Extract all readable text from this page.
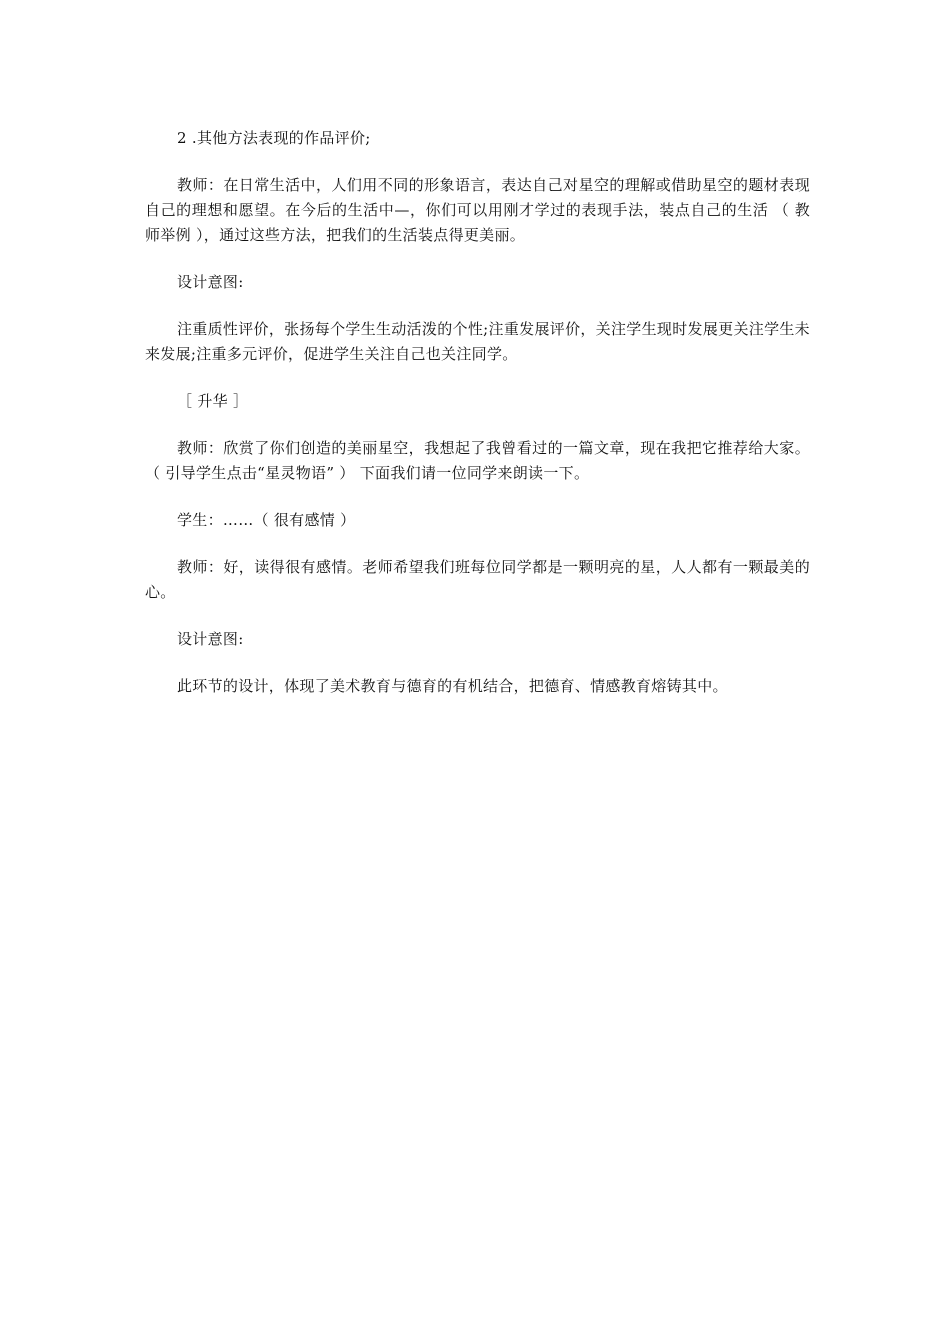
2 .其他方法表现的作品评价;

教师：在日常生活中，人们用不同的形象语言，表达自己对星空的理解或借助星空的题材表现自己的理想和愿望。在今后的生活中—，你们可以用刚才学过的表现手法，装点自己的生活 （ 教师举例 ），通过这些方法，把我们的生活装点得更美丽。

设计意图:

注重质性评价，张扬每个学生生动活泼的个性;注重发展评价，关注学生现时发展更关注学生未来发展;注重多元评价，促进学生关注自己也关注同学。

［ 升华 ］

教师：欣赏了你们创造的美丽星空，我想起了我曾看过的一篇文章，现在我把它推荐给大家。 （ 引导学生点击“星灵物语” ） 下面我们请一位同学来朗读一下。

学生：……（ 很有感情 ）

教师：好，读得很有感情。老师希望我们班每位同学都是一颗明亮的星，人人都有一颗最美的心。

设计意图:

此环节的设计，体现了美术教育与德育的有机结合，把德育、情感教育熔铸其中。
